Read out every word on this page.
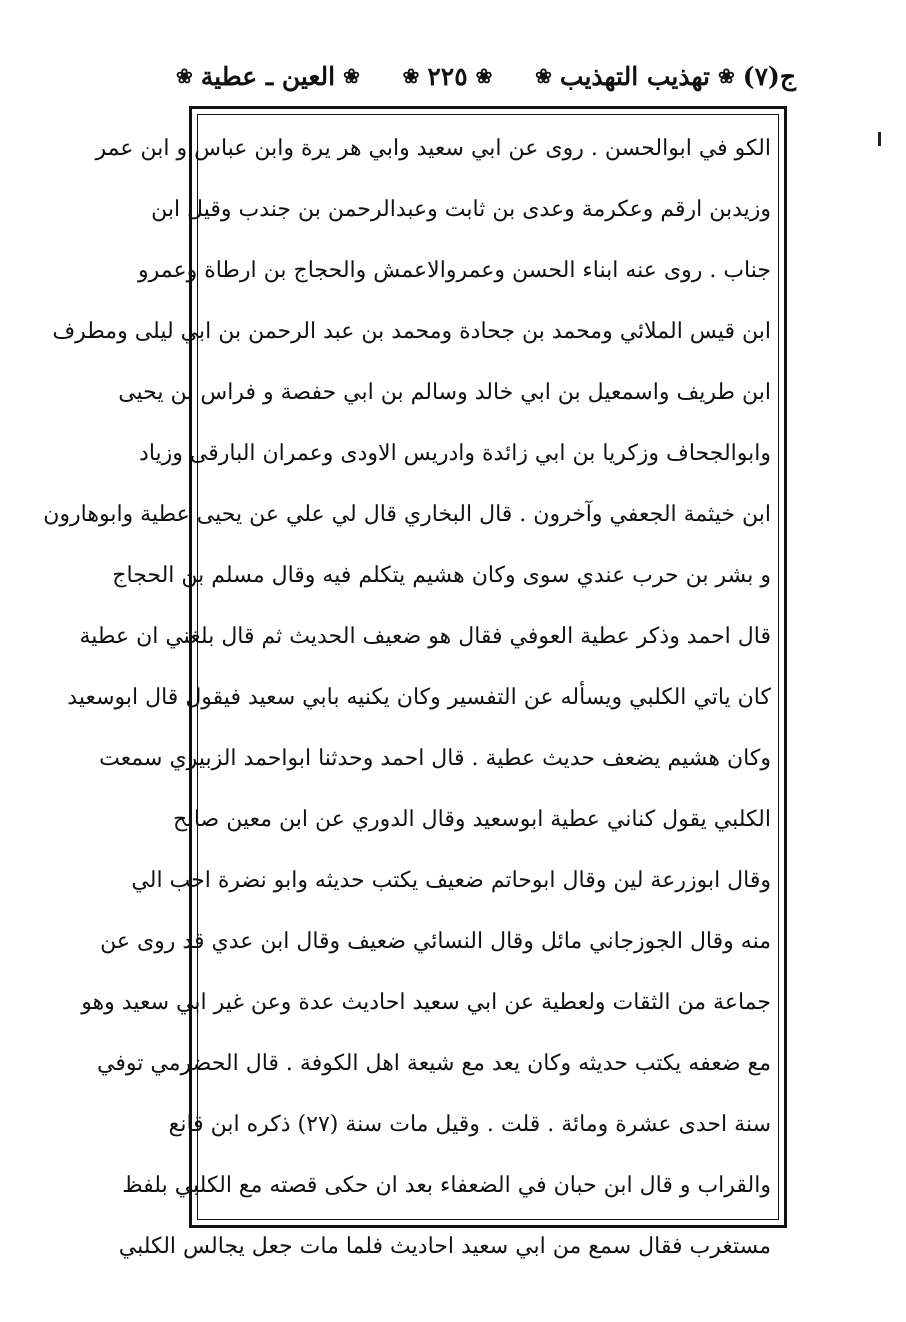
ج(٧)
❀
تهذيب التهذيب
❀
❀
٢٢٥
❀
❀
العين ـ عطية
❀
الكو في ابوالحسن . روى عن ابي سعيد وابي هر يرة وابن عباس و ابن عمر
وزيدبن ارقم وعكرمة وعدى بن ثابت وعبدالرحمن بن جندب وقيل ابن
جناب . روى عنه ابناء الحسن وعمروالاعمش والحجاج بن ارطاة وعمرو
ابن قيس الملائي ومحمد بن جحادة ومحمد بن عبد الرحمن بن ابي ليلى ومطرف
ابن طريف واسمعيل بن ابي خالد وسالم بن ابي حفصة و فراس بن يحيى
وابوالجحاف وزكريا بن ابي زائدة وادريس الاودى وعمران البارقى وزياد
ابن خيثمة الجعفي وآخرون . قال البخاري قال لي علي عن يحيى عطية وابوهارون
و بشر بن حرب عندي سوى وكان هشيم يتكلم فيه وقال مسلم بن الحجاج
قال احمد وذكر عطية العوفي فقال هو ضعيف الحديث ثم قال بلغني ان عطية
كان ياتي الكلبي ويسأله عن التفسير وكان يكنيه بابي سعيد فيقول قال ابوسعيد
وكان هشيم يضعف حديث عطية . قال احمد وحدثنا ابواحمد الزبيري سمعت
الكلبي يقول كناني عطية ابوسعيد وقال الدوري عن ابن معين صالح
وقال ابوزرعة لين وقال ابوحاتم ضعيف يكتب حديثه وابو نضرة احب الي
منه وقال الجوزجاني مائل وقال النسائي ضعيف وقال ابن عدي قد روى عن
جماعة من الثقات ولعطية عن ابي سعيد احاديث عدة وعن غير ابي سعيد وهو
مع ضعفه يكتب حديثه وكان يعد مع شيعة اهل الكوفة . قال الحضرمي توفي
سنة احدى عشرة ومائة . قلت . وقيل مات سنة (٢٧) ذكره ابن قانع
والقراب و قال ابن حبان في الضعفاء بعد ان حكى قصته مع الكلبي بلفظ
مستغرب فقال سمع من ابي سعيد احاديث فلما مات جعل يجالس الكلبي
